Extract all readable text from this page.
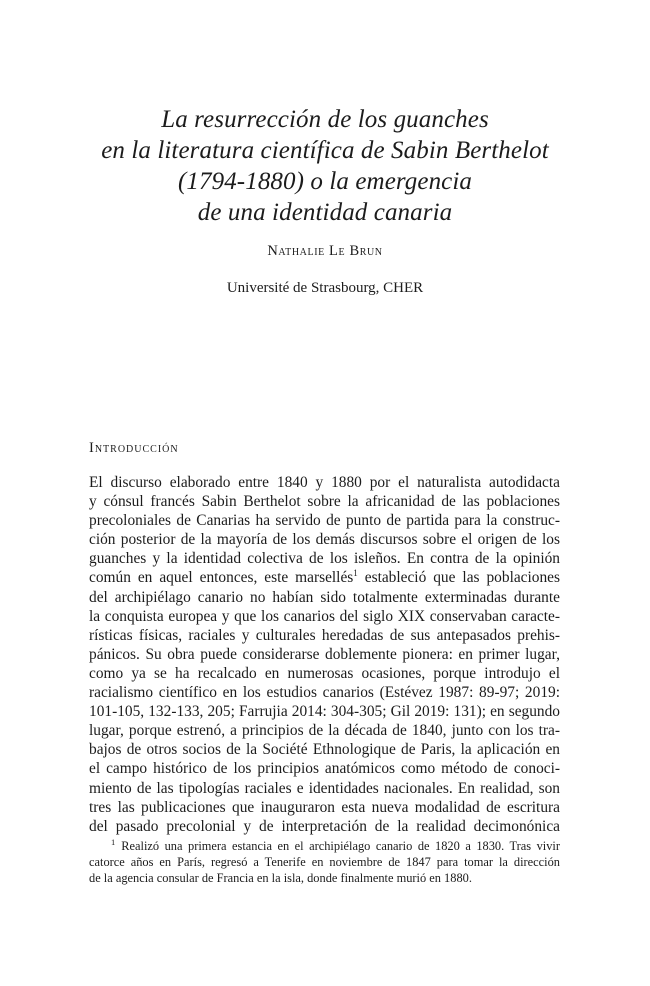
La resurrección de los guanches
en la literatura científica de Sabin Berthelot
(1794-1880) o la emergencia
de una identidad canaria

Nathalie Le Brun

Université de Strasbourg, CHER

Introducción
El discurso elaborado entre 1840 y 1880 por el naturalista autodidacta
y cónsul francés Sabin Berthelot sobre la africanidad de las poblaciones
precoloniales de Canarias ha servido de punto de partida para la construc-
ción posterior de la mayoría de los demás discursos sobre el origen de los
guanches y la identidad colectiva de los isleños. En contra de la opinión
común en aquel entonces, este marsellés$^1$ estableció que las poblaciones
del archipiélago canario no habían sido totalmente exterminadas durante
la conquista europea y que los canarios del siglo XIX conservaban caracte-
rísticas físicas, raciales y culturales heredadas de sus antepasados prehis-
pánicos. Su obra puede considerarse doblemente pionera: en primer lugar,
como ya se ha recalcado en numerosas ocasiones, porque introdujo el
racialismo científico en los estudios canarios (Estévez 1987: 89-97; 2019:
101-105, 132-133, 205; Farrujia 2014: 304-305; Gil 2019: 131); en segundo
lugar, porque estrenó, a principios de la década de 1840, junto con los tra-
bajos de otros socios de la Société Ethnologique de Paris, la aplicación en
el campo histórico de los principios anatómicos como método de conoci-
miento de las tipologías raciales e identidades nacionales. En realidad, son
tres las publicaciones que inauguraron esta nueva modalidad de escritura
del pasado precolonial y de interpretación de la realidad decimonónica
$^1$ Realizó una primera estancia en el archipiélago canario de 1820 a 1830. Tras vivir
catorce años en París, regresó a Tenerife en noviembre de 1847 para tomar la dirección
de la agencia consular de Francia en la isla, donde finalmente murió en 1880.
